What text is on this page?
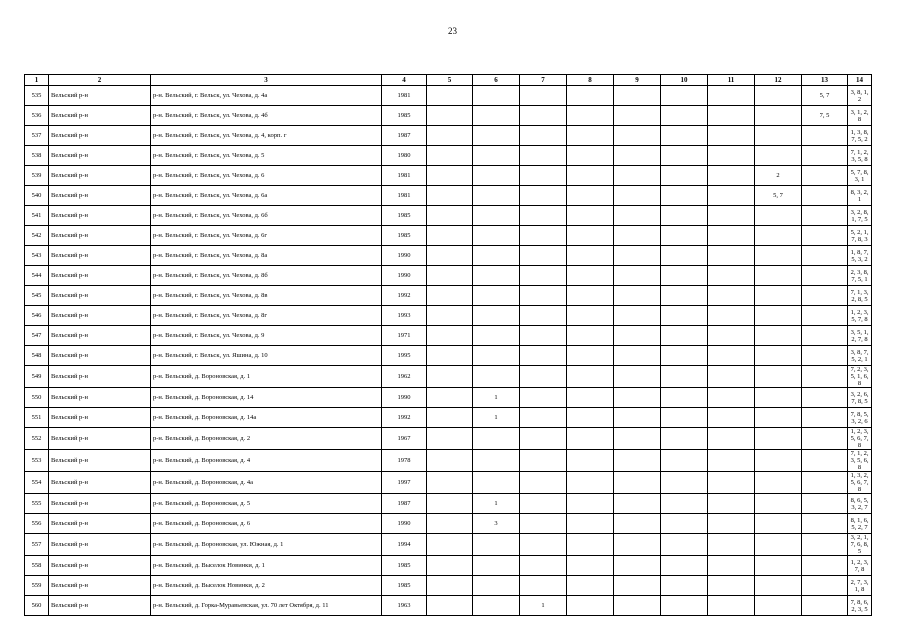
23
1	2	3	4	5	6	7	8	9	10	11	12	13	14
535	Вельский р-н	р-н. Вельский, г. Вельск, ул. Чехова, д. 4а	1981									5, 7	3, 8, 1, 2
536	Вельский р-н	р-н. Вельский, г. Вельск, ул. Чехова, д. 4б	1985									7, 5	3, 1, 2, 8
537	Вельский р-н	р-н. Вельский, г. Вельск, ул. Чехова, д. 4, корп. г	1987										1, 3, 8, 7, 5, 2
538	Вельский р-н	р-н. Вельский, г. Вельск, ул. Чехова, д. 5	1980										7, 1, 2, 3, 5, 8
539	Вельский р-н	р-н. Вельский, г. Вельск, ул. Чехова, д. 6	1981								2		5, 7, 8, 3, 1
540	Вельский р-н	р-н. Вельский, г. Вельск, ул. Чехова, д. 6а	1981								5, 7		8, 3, 2, 1
541	Вельский р-н	р-н. Вельский, г. Вельск, ул. Чехова, д. 6б	1985										3, 2, 8, 1, 7, 5
542	Вельский р-н	р-н. Вельский, г. Вельск, ул. Чехова, д. 6г	1985										5, 2, 1, 7, 8, 3
543	Вельский р-н	р-н. Вельский, г. Вельск, ул. Чехова, д. 8а	1990										1, 8, 7, 5, 3, 2
544	Вельский р-н	р-н. Вельский, г. Вельск, ул. Чехова, д. 8б	1990										2, 3, 8, 7, 5, 1
545	Вельский р-н	р-н. Вельский, г. Вельск, ул. Чехова, д. 8в	1992										7, 1, 3, 2, 8, 5
546	Вельский р-н	р-н. Вельский, г. Вельск, ул. Чехова, д. 8г	1993										1, 2, 3, 5, 7, 8
547	Вельский р-н	р-н. Вельский, г. Вельск, ул. Чехова, д. 9	1971										3, 5, 1, 2, 7, 8
548	Вельский р-н	р-н. Вельский, г. Вельск, ул. Яшина, д. 10	1995										3, 8, 7, 5, 2, 1
549	Вельский р-н	р-н. Вельский, д. Вороновская, д. 1	1962										7, 2, 3, 5, 1, 6, 8
550	Вельский р-н	р-н. Вельский, д. Вороновская, д. 14	1990		1								3, 2, 6, 7, 8, 5
551	Вельский р-н	р-н. Вельский, д. Вороновская, д. 14а	1992		1								7, 8, 5, 3, 2, 6
552	Вельский р-н	р-н. Вельский, д. Вороновская, д. 2	1967										1, 2, 3, 5, 6, 7, 8
553	Вельский р-н	р-н. Вельский, д. Вороновская, д. 4	1978										7, 1, 2, 3, 5, 6, 8
554	Вельский р-н	р-н. Вельский, д. Вороновская, д. 4а	1997										1, 3, 2, 5, 6, 7, 8
555	Вельский р-н	р-н. Вельский, д. Вороновская, д. 5	1987		1								8, 6, 5, 3, 2, 7
556	Вельский р-н	р-н. Вельский, д. Вороновская, д. 6	1990		3								8, 1, 6, 5, 2, 7
557	Вельский р-н	р-н. Вельский, д. Вороновская, ул. Южная, д. 1	1994										3, 2, 1, 7, 6, 8, 5
558	Вельский р-н	р-н. Вельский, д. Выселок Новинки, д. 1	1985										1, 2, 3, 7, 8
559	Вельский р-н	р-н. Вельский, д. Выселок Новинки, д. 2	1985										2, 7, 3, 1, 8
560	Вельский р-н	р-н. Вельский, д. Горка-Муравьевская, ул. 70 лет Октября, д. 11	1963			1							7, 8, 6, 2, 3, 5
